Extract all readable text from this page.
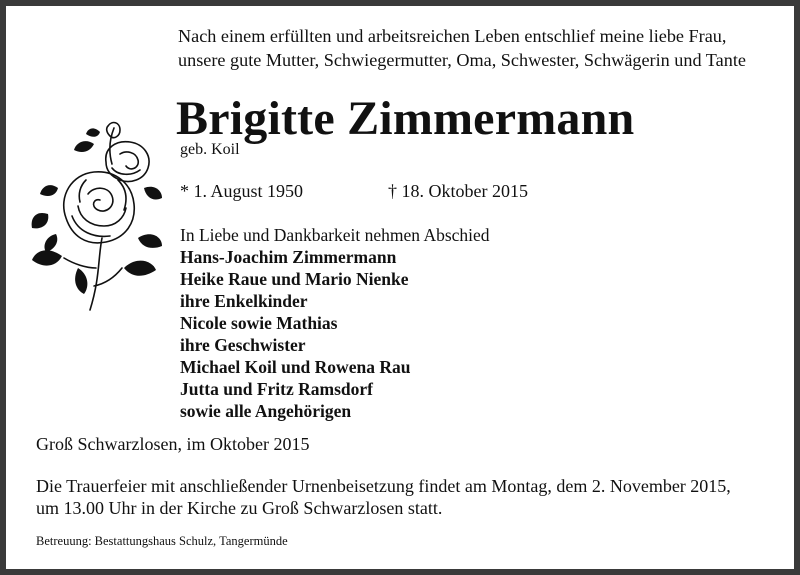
Nach einem erfüllten und arbeitsreichen Leben entschlief meine liebe Frau,
unsere gute Mutter, Schwiegermutter, Oma, Schwester, Schwägerin und Tante
Brigitte Zimmermann
geb. Koil
* 1. August 1950	† 18. Oktober 2015
In Liebe und Dankbarkeit nehmen Abschied
Hans-Joachim Zimmermann
Heike Raue und Mario Nienke
ihre Enkelkinder
Nicole sowie Mathias
ihre Geschwister
Michael Koil und Rowena Rau
Jutta und Fritz Ramsdorf
sowie alle Angehörigen
Groß Schwarzlosen, im Oktober 2015
Die Trauerfeier mit anschließender Urnenbeisetzung findet am Montag, dem 2. November 2015,
um 13.00 Uhr in der Kirche zu Groß Schwarzlosen statt.
Betreuung: Bestattungshaus Schulz, Tangermünde
